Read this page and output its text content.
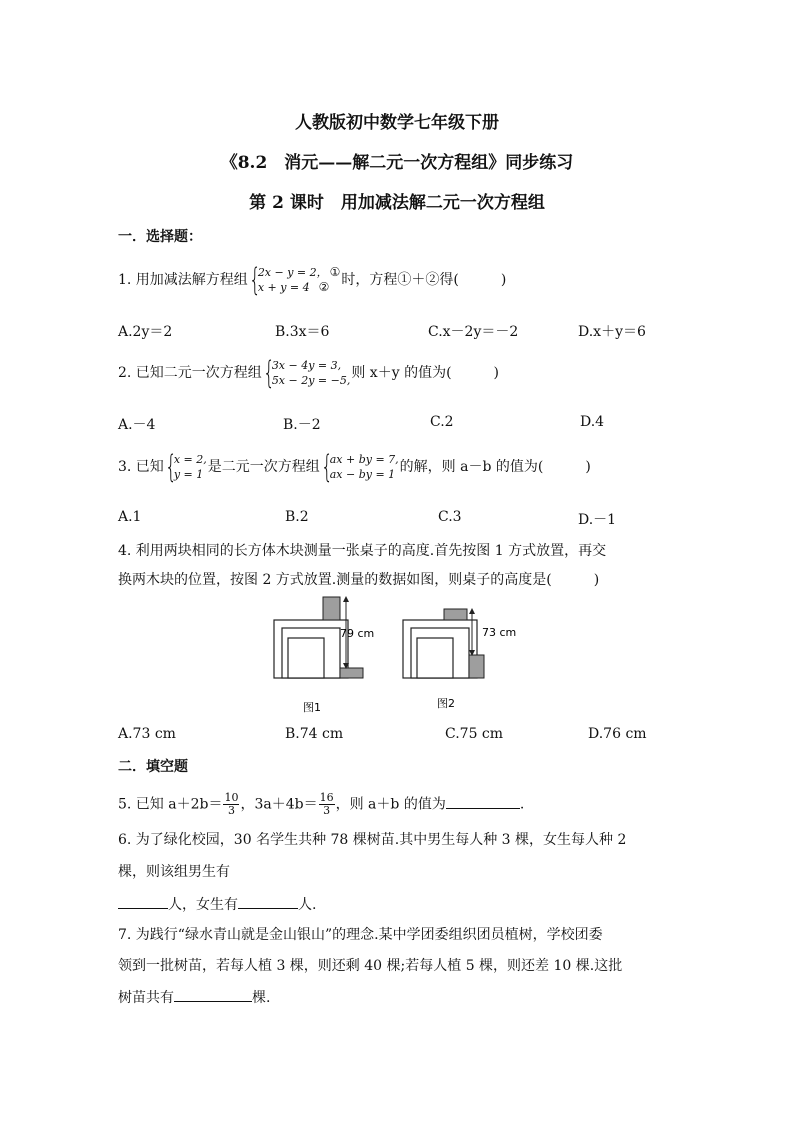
人教版初中数学七年级下册
《8.2　消元——解二元一次方程组》同步练习
第 2 课时　用加减法解二元一次方程组
一．选择题：
1. 用加减法解方程组 {
2x − y = 2， ①
x + y = 4 ② 时，方程①＋②得(　　　)
A.2y＝2	B.3x＝6	C.x－2y＝－2	D.x＋y＝6
2. 已知二元一次方程组 {
3x − 4y = 3,
5x − 2y = −5, 则 x＋y 的值为(　　　)
A.－4	B.－2	C.2	D.4
3. 已知 {
x = 2,
y = 1 是二元一次方程组 {
ax + by = 7,
ax − by = 1 的解，则 a－b 的值为(　　　)
A.1	B.2	C.3	D.－1
4. 利用两块相同的长方体木块测量一张桌子的高度.首先按图 1 方式放置，再交
换两木块的位置，按图 2 方式放置.测量的数据如图，则桌子的高度是(　　　)
79 cm
图1
73 cm
图2
A.73 cm	B.74 cm	C.75 cm	D.76 cm
二．填空题
5. 已知 $a+2b= \frac{10}{3}$ ，$3a+4b= \frac{16}{3}$ ，则 a＋b 的值为	.
6. 为了绿化校园，30 名学生共种 78 棵树苗.其中男生每人种 3 棵，女生每人种 2
棵，则该组男生有
人，女生有	人.
7. 为践行“绿水青山就是金山银山”的理念.某中学团委组织团员植树，学校团委
领到一批树苗，若每人植 3 棵，则还剩 40 棵;若每人植 5 棵，则还差 10 棵.这批
树苗共有	棵.
